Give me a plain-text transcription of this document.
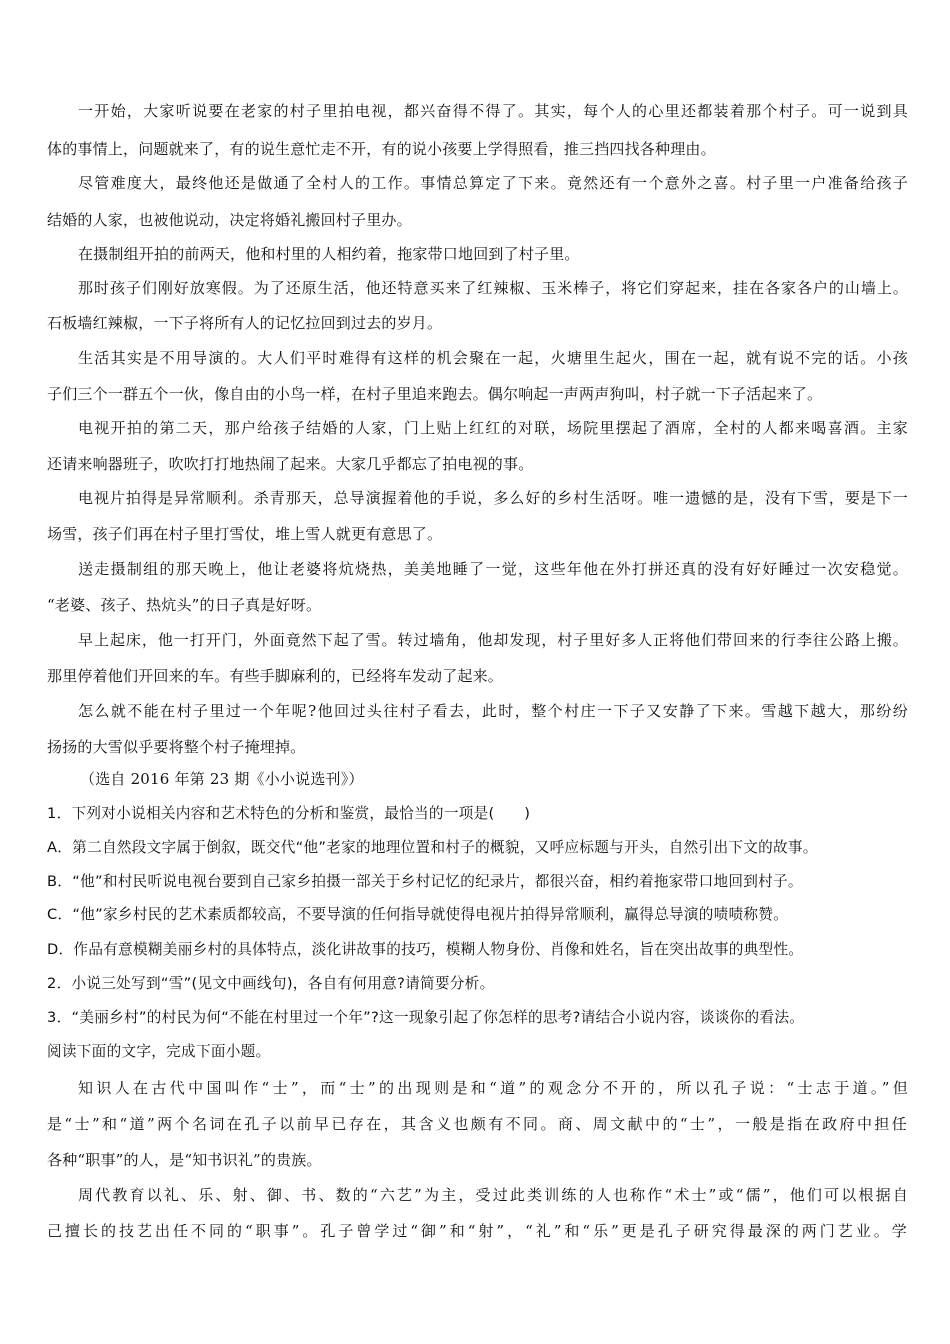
一开始，大家听说要在老家的村子里拍电视，都兴奋得不得了。其实，每个人的心里还都装着那个村子。可一说到具
体的事情上，问题就来了，有的说生意忙走不开，有的说小孩要上学得照看，推三挡四找各种理由。
尽管难度大，最终他还是做通了全村人的工作。事情总算定了下来。竟然还有一个意外之喜。村子里一户准备给孩子
结婚的人家，也被他说动，决定将婚礼搬回村子里办。
在摄制组开拍的前两天，他和村里的人相约着，拖家带口地回到了村子里。
那时孩子们刚好放寒假。为了还原生活，他还特意买来了红辣椒、玉米棒子，将它们穿起来，挂在各家各户的山墙上。
石板墙红辣椒，一下子将所有人的记忆拉回到过去的岁月。
生活其实是不用导演的。大人们平时难得有这样的机会聚在一起，火塘里生起火，围在一起，就有说不完的话。小孩
子们三个一群五个一伙，像自由的小鸟一样，在村子里追来跑去。偶尔响起一声两声狗叫，村子就一下子活起来了。
电视开拍的第二天，那户给孩子结婚的人家，门上贴上红红的对联，场院里摆起了酒席，全村的人都来喝喜酒。主家
还请来响器班子，吹吹打打地热闹了起来。大家几乎都忘了拍电视的事。
电视片拍得是异常顺利。杀青那天，总导演握着他的手说，多么好的乡村生活呀。唯一遗憾的是，没有下雪，要是下一
场雪，孩子们再在村子里打雪仗，堆上雪人就更有意思了。
送走摄制组的那天晚上，他让老婆将炕烧热，美美地睡了一觉，这些年他在外打拼还真的没有好好睡过一次安稳觉。
“老婆、孩子、热炕头”的日子真是好呀。
早上起床，他一打开门，外面竟然下起了雪。转过墙角，他却发现，村子里好多人正将他们带回来的行李往公路上搬。
那里停着他们开回来的车。有些手脚麻利的，已经将车发动了起来。
怎么就不能在村子里过一个年呢?他回过头往村子看去，此时，整个村庄一下子又安静了下来。雪越下越大，那纷纷
扬扬的大雪似乎要将整个村子掩埋掉。
（选自 2016 年第 23 期《小小说选刊》）
1．下列对小说相关内容和艺术特色的分析和鉴赏，最恰当的一项是(　　)
A．第二自然段文字属于倒叙，既交代“他”老家的地理位置和村子的概貌，又呼应标题与开头，自然引出下文的故事。
B．“他”和村民听说电视台要到自己家乡拍摄一部关于乡村记忆的纪录片，都很兴奋，相约着拖家带口地回到村子。
C．“他”家乡村民的艺术素质都较高，不要导演的任何指导就使得电视片拍得异常顺利，赢得总导演的啧啧称赞。
D．作品有意模糊美丽乡村的具体特点，淡化讲故事的技巧，模糊人物身份、肖像和姓名，旨在突出故事的典型性。
2．小说三处写到“雪”(见文中画线句)，各自有何用意?请简要分析。
3．“美丽乡村”的村民为何“不能在村里过一个年”?这一现象引起了你怎样的思考?请结合小说内容，谈谈你的看法。
阅读下面的文字，完成下面小题。
知识人在古代中国叫作“士”，而“士”的出现则是和“道”的观念分不开的，所以孔子说：“士志于道。”但
是“士”和“道”两个名词在孔子以前早已存在，其含义也颇有不同。商、周文献中的“士”，一般是指在政府中担任
各种“职事”的人，是“知书识礼”的贵族。
周代教育以礼、乐、射、御、书、数的“六艺”为主，受过此类训练的人也称作“术士”或“儒”，他们可以根据自
己擅长的技艺出任不同的“职事”。孔子曾学过“御”和“射”，“礼”和“乐”更是孔子研究得最深的两门艺业。学
